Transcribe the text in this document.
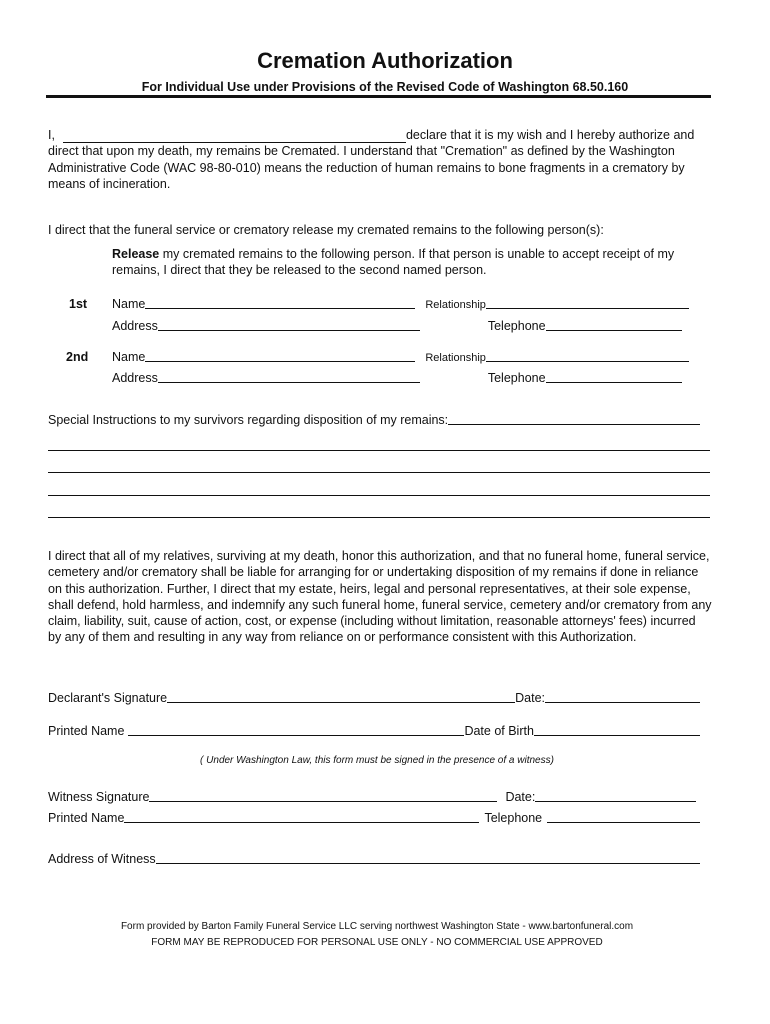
Cremation Authorization
For Individual Use under Provisions of the Revised Code of Washington 68.50.160
I,	declare that it is my wish and I hereby authorize and
direct that upon my death, my remains be Cremated. I understand that "Cremation" as defined by the Washington Administrative Code (WAC 98-80-010) means the reduction of human remains to bone fragments in a crematory by means of incineration.
I direct that the funeral service or crematory release my cremated remains to the following person(s):
Release my cremated remains to the following person. If that person is unable to accept receipt of my remains, I direct that they be released to the second named person.
1st	Name	Relationship
Address	Telephone
2nd	Name	Relationship
Address	Telephone
Special Instructions to my survivors regarding disposition of my remains:
I direct that all of my relatives, surviving at my death, honor this authorization, and that no funeral home, funeral service, cemetery and/or crematory shall be liable for arranging for or undertaking disposition of my remains if done in reliance on this authorization. Further, I direct that my estate, heirs, legal and personal representatives, at their sole expense, shall defend, hold harmless, and indemnify any such funeral home, funeral service, cemetery and/or crematory from any claim, liability, suit, cause of action, cost, or expense (including without limitation, reasonable attorneys' fees) incurred by any of them and resulting in any way from reliance on or performance consistent with this Authorization.
Declarant's Signature	Date:
Printed Name	Date of Birth
( Under Washington Law, this form must be signed in the presence of a witness)
Witness Signature	Date:
Printed Name	Telephone
Address of Witness
Form provided by Barton Family Funeral Service LLC serving northwest Washington State - www.bartonfuneral.com
FORM MAY BE REPRODUCED FOR PERSONAL USE ONLY - NO COMMERCIAL USE APPROVED
